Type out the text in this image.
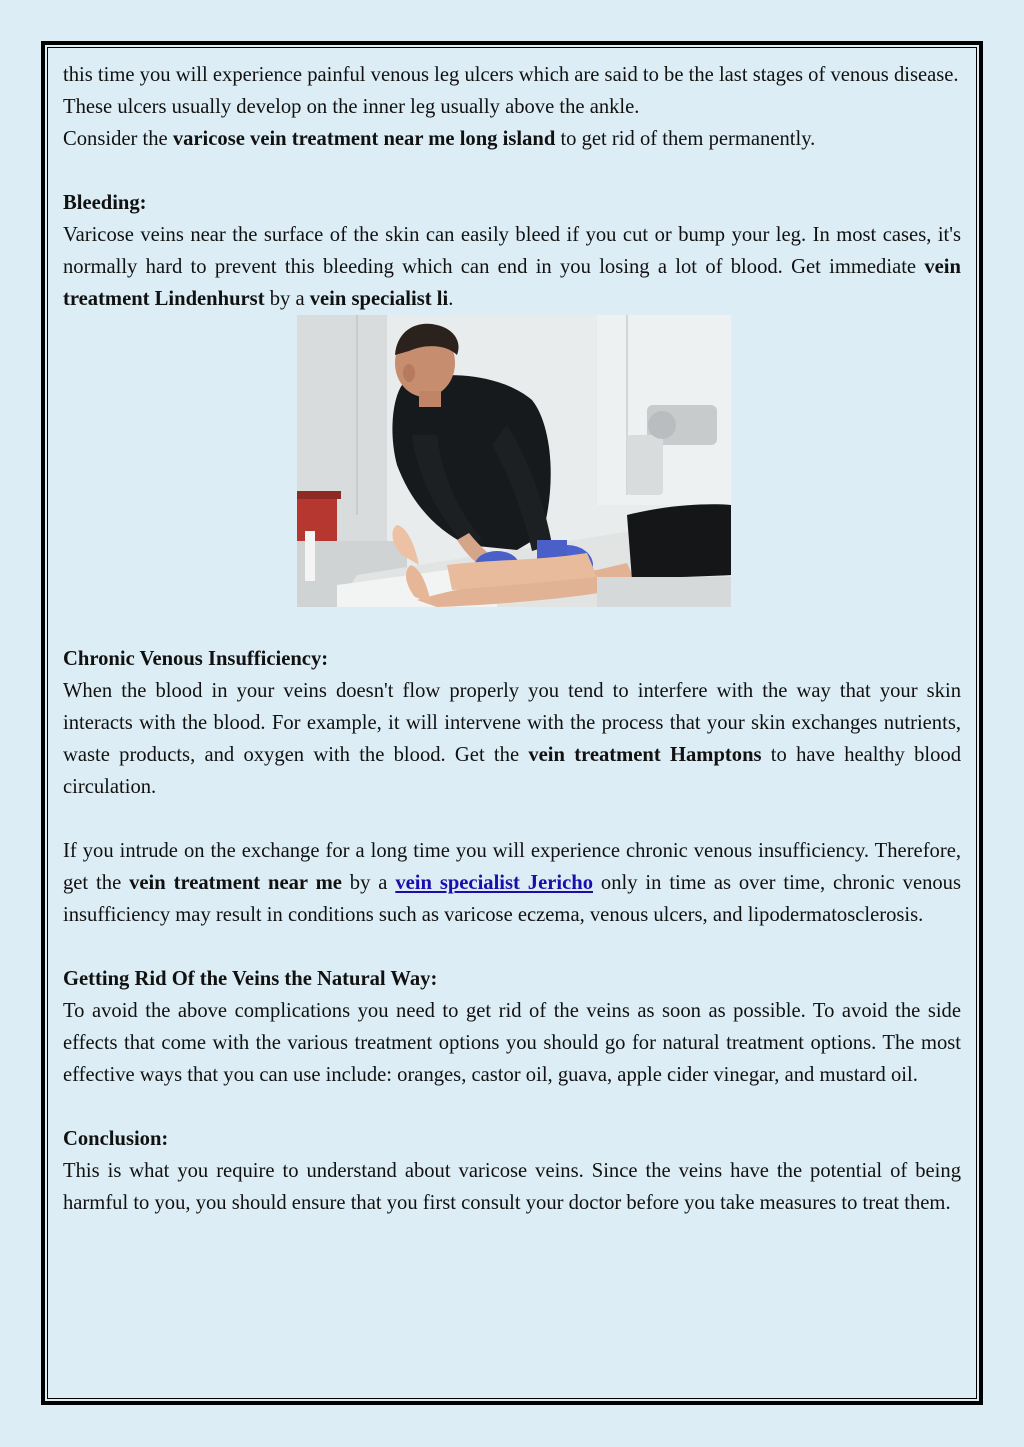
this time you will experience painful venous leg ulcers which are said to be the last stages of venous disease. These ulcers usually develop on the inner leg usually above the ankle.
Consider the varicose vein treatment near me long island to get rid of them permanently.

Bleeding:

Varicose veins near the surface of the skin can easily bleed if you cut or bump your leg. In most cases, it's normally hard to prevent this bleeding which can end in you losing a lot of blood. Get immediate vein treatment Lindenhurst by a vein specialist li.

Chronic Venous Insufficiency:

When the blood in your veins doesn't flow properly you tend to interfere with the way that your skin interacts with the blood. For example, it will intervene with the process that your skin exchanges nutrients, waste products, and oxygen with the blood. Get the vein treatment Hamptons to have healthy blood circulation.

If you intrude on the exchange for a long time you will experience chronic venous insufficiency. Therefore, get the vein treatment near me by a vein specialist Jericho only in time as over time, chronic venous insufficiency may result in conditions such as varicose eczema, venous ulcers, and lipodermatosclerosis.

Getting Rid Of the Veins the Natural Way:

To avoid the above complications you need to get rid of the veins as soon as possible. To avoid the side effects that come with the various treatment options you should go for natural treatment options. The most effective ways that you can use include: oranges, castor oil, guava, apple cider vinegar, and mustard oil.

Conclusion:

This is what you require to understand about varicose veins. Since the veins have the potential of being harmful to you, you should ensure that you first consult your doctor before you take measures to treat them.
